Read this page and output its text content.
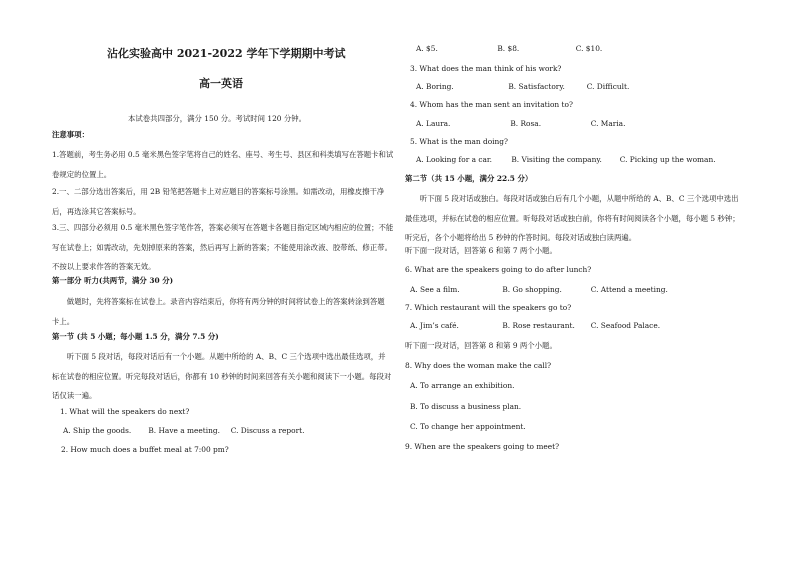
沾化实验高中 2021-2022 学年下学期期中考试
高一英语
本试卷共四部分，满分 150 分。考试时间 120 分钟。
注意事项：
1.答题前，考生务必用 0.5 毫米黑色签字笔将自己的姓名、座号、考生号、县区和科类填写在答题卡和试卷规定的位置上。
2.一、二部分选出答案后，用 2B 铅笔把答题卡上对应题目的答案标号涂黑。如需改动，用橡皮擦干净后，再选涂其它答案标号。
3.三、四部分必须用 0.5 毫米黑色签字笔作答，答案必须写在答题卡各题目指定区域内相应的位置；不能写在试卷上；如需改动，先划掉原来的答案，然后再写上新的答案；不能使用涂改液、胶带纸、修正带。不按以上要求作答的答案无效。
第一部分 听力(共两节，满分 30 分)
做题时，先将答案标在试卷上。录音内容结束后，你将有两分钟的时间将试卷上的答案转涂到答题卡上。
第一节 (共 5 小题；每小题 1.5 分，满分 7.5 分)
听下面 5 段对话，每段对话后有一个小题。从题中所给的 A、B、C 三个选项中选出最佳选项，并标在试卷的相应位置。听完每段对话后，你都有 10 秒钟的时间来回答有关小题和阅读下一小题。每段对话仅读一遍。
1. What will the speakers do next?
A. Ship the goods. B. Have a meeting. C. Discuss a report.
2. How much does a buffet meal at 7:00 pm?
A. $5.	B. $8.	C. $10.
3. What does the man think of his work?
A. Boring.	B. Satisfactory.	C. Difficult.
4. Whom has the man sent an invitation to?
A. Laura.	B. Rosa.	C. Maria.
5. What is the man doing?
A. Looking for a car.	B. Visiting the company. C. Picking up the woman.
第二节（共 15 小题，满分 22.5 分）
听下面 5 段对话或独白。每段对话或独白后有几个小题，从题中所给的 A、B、C 三个选项中选出最佳选项，并标在试卷的相应位置。听每段对话或独白前，你将有时间阅读各个小题，每小题 5 秒钟；听完后，各个小题将给出 5 秒钟的作答时间。每段对话或独白读两遍。
听下面一段对话，回答第 6 和第 7 两个小题。
6. What are the speakers going to do after lunch?
A. See a film.	B. Go shopping.	C. Attend a meeting.
7. Which restaurant will the speakers go to?
A. Jim’s café.	B. Rose restaurant. C. Seafood Palace.
听下面一段对话，回答第 8 和第 9 两个小题。
8. Why does the woman make the call?
A. To arrange an exhibition.
B. To discuss a business plan.
C. To change her appointment.
9. When are the speakers going to meet?
